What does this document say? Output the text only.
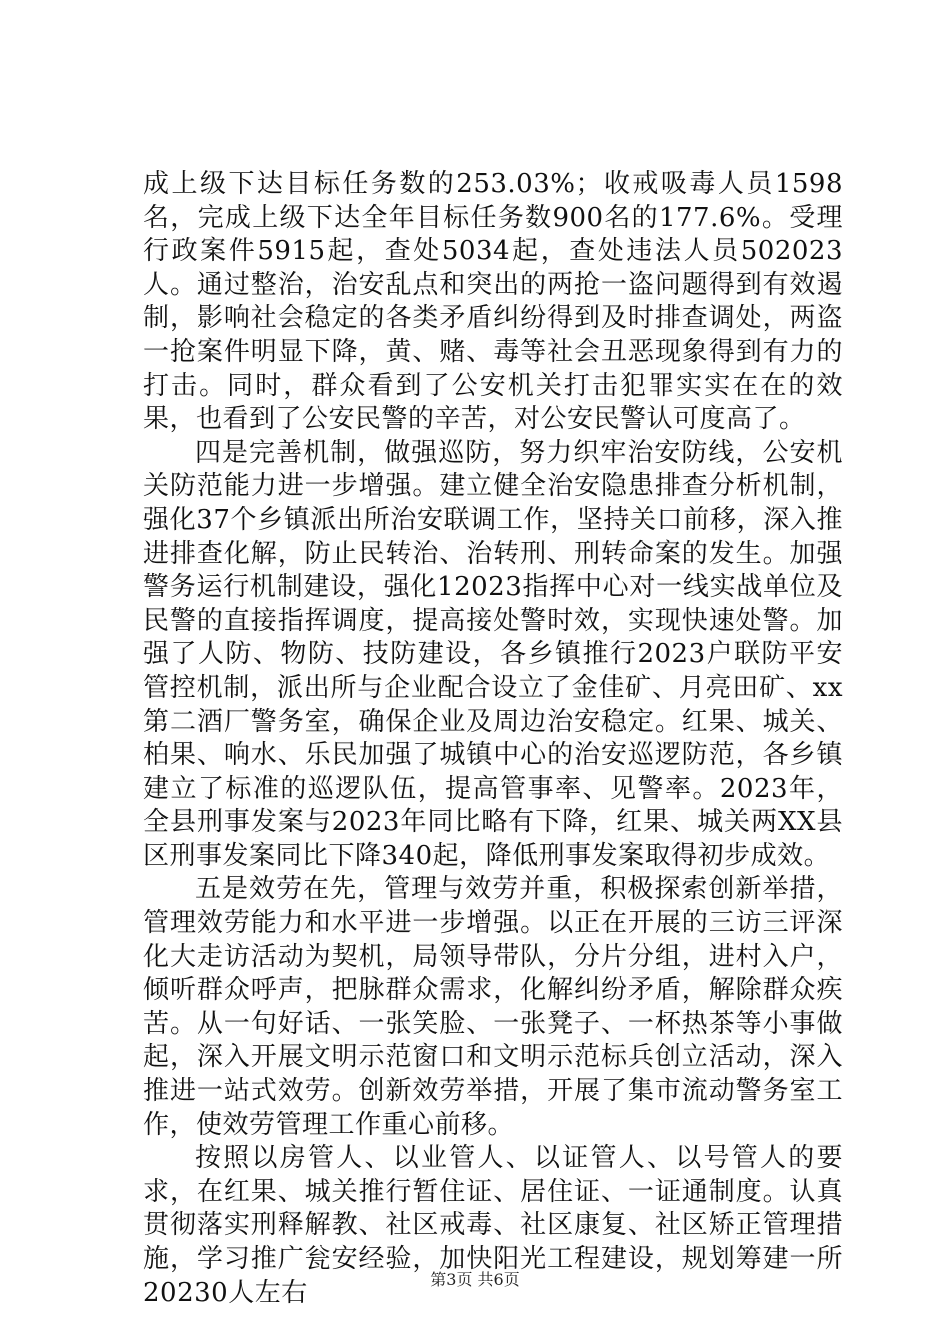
成上级下达目标任务数的253.03%；收戒吸毒人员1598名，完成上级下达全年目标任务数900名的177.6%。受理行政案件5915起，查处5034起，查处违法人员502023人。通过整治，治安乱点和突出的两抢一盗问题得到有效遏制，影响社会稳定的各类矛盾纠纷得到及时排查调处，两盗一抢案件明显下降，黄、赌、毒等社会丑恶现象得到有力的打击。同时，群众看到了公安机关打击犯罪实实在在的效果，也看到了公安民警的辛苦，对公安民警认可度高了。

四是完善机制，做强巡防，努力织牢治安防线，公安机关防范能力进一步增强。建立健全治安隐患排查分析机制，强化37个乡镇派出所治安联调工作，坚持关口前移，深入推进排查化解，防止民转治、治转刑、刑转命案的发生。加强警务运行机制建设，强化12023指挥中心对一线实战单位及民警的直接指挥调度，提高接处警时效，实现快速处警。加强了人防、物防、技防建设，各乡镇推行2023户联防平安管控机制，派出所与企业配合设立了金佳矿、月亮田矿、xx第二酒厂警务室，确保企业及周边治安稳定。红果、城关、柏果、响水、乐民加强了城镇中心的治安巡逻防范，各乡镇建立了标准的巡逻队伍，提高管事率、见警率。2023年，全县刑事发案与2023年同比略有下降，红果、城关两XX县区刑事发案同比下降340起，降低刑事发案取得初步成效。

五是效劳在先，管理与效劳并重，积极探索创新举措，管理效劳能力和水平进一步增强。以正在开展的三访三评深化大走访活动为契机，局领导带队，分片分组，进村入户，倾听群众呼声，把脉群众需求，化解纠纷矛盾，解除群众疾苦。从一句好话、一张笑脸、一张凳子、一杯热茶等小事做起，深入开展文明示范窗口和文明示范标兵创立活动，深入推进一站式效劳。创新效劳举措，开展了集市流动警务室工作，使效劳管理工作重心前移。

按照以房管人、以业管人、以证管人、以号管人的要求，在红果、城关推行暂住证、居住证、一证通制度。认真贯彻落实刑释解教、社区戒毒、社区康复、社区矫正管理措施，学习推广瓮安经验，加快阳光工程建设，规划筹建一所20230人左右	第3页 共6页
